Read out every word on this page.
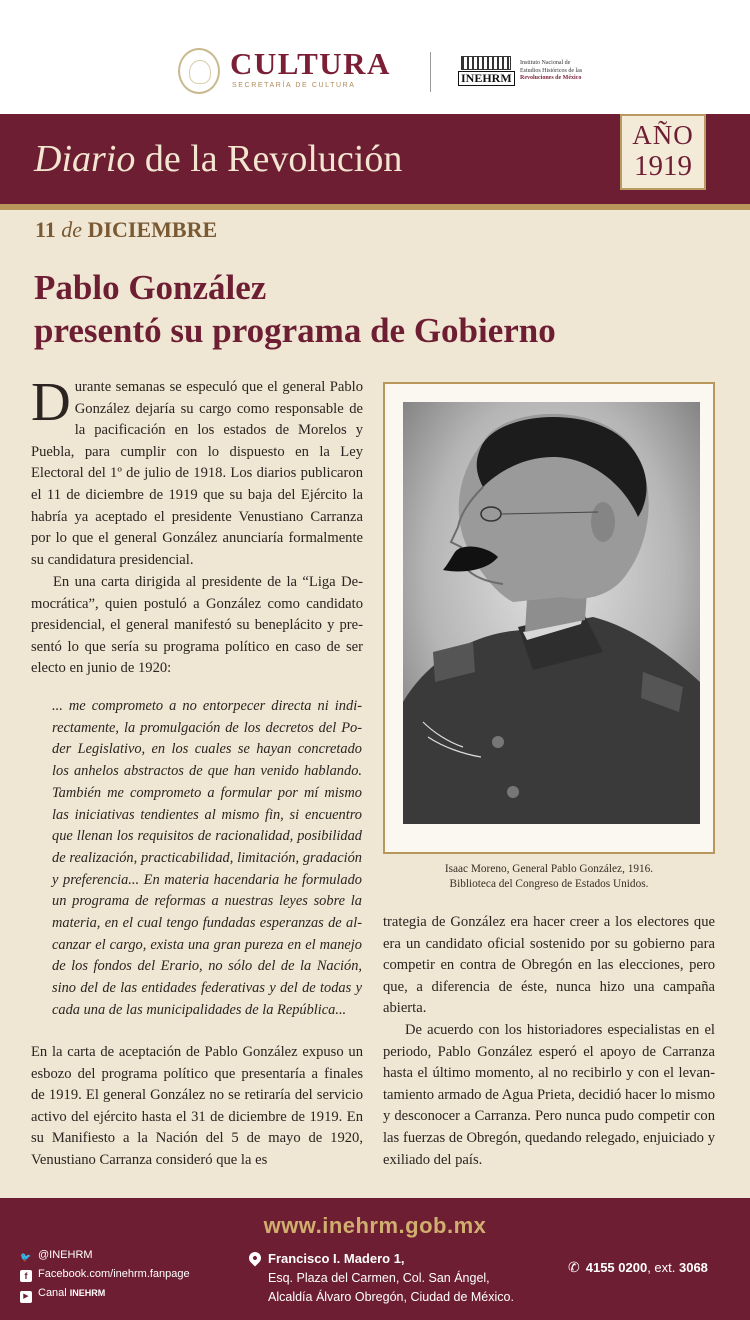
CULTURA
SECRETARÍA DE CULTURA
INEHRM
Instituto Nacional de
Estudios Históricos de las
Revoluciones de México
Diario de la Revolución
AÑO
1919
11 de DICIEMBRE
Pablo González
presentó su programa de Gobierno
Durante semanas se especuló que el general Pablo González dejaría su cargo como responsable de la pacificación en los estados de Morelos y Puebla, para cumplir con lo dispuesto en la Ley Electoral del 1º de julio de 1918. Los diarios publicaron el 11 de diciembre de 1919 que su baja del Ejército la habría ya aceptado el presidente Venustiano Carranza por lo que el general González anunciaría formalmente su candidatura presidencial.
En una carta dirigida al presidente de la “Liga Democrática”, quien postuló a González como candidato presidencial, el general manifestó su beneplácito y presentó lo que sería su programa político en caso de ser electo en junio de 1920:
... me comprometo a no entorpecer directa ni indirectamente, la promulgación de los decretos del Poder Legislativo, en los cuales se hayan concretado los anhelos abstractos de que han venido hablando. También me comprometo a formular por mí mismo las iniciativas tendientes al mismo fin, si encuentro que llenan los requisitos de racionalidad, posibilidad de realización, practicabilidad, limitación, gradación y preferencia... En materia hacendaria he formulado un programa de reformas a nuestras leyes sobre la materia, en el cual tengo fundadas esperanzas de alcanzar el cargo, exista una gran pureza en el manejo de los fondos del Erario, no sólo del de la Nación, sino del de las entidades federativas y del de todas y cada una de las municipalidades de la República...
En la carta de aceptación de Pablo González expuso un esbozo del programa político que presentaría a finales de 1919. El general González no se retiraría del servicio activo del ejército hasta el 31 de diciembre de 1919. En su Manifiesto a la Nación del 5 de mayo de 1920, Venustiano Carranza consideró que la es
Isaac Moreno, General Pablo González, 1916.
Biblioteca del Congreso de Estados Unidos.
trategia de González era hacer creer a los electores que era un candidato oficial sostenido por su gobierno para competir en contra de Obregón en las elecciones, pero que, a diferencia de éste, nunca hizo una campaña abierta.
De acuerdo con los historiadores especialistas en el periodo, Pablo González esperó el apoyo de Carranza hasta el último momento, al no recibirlo y con el levantamiento armado de Agua Prieta, decidió hacer lo mismo y desconocer a Carranza. Pero nunca pudo competir con las fuerzas de Obregón, quedando relegado, enjuiciado y exiliado del país.
www.inehrm.gob.mx
🐦 @INEHRM
f Facebook.com/inehrm.fanpage
▶ Canal INEHRM
Francisco I. Madero 1,
Esq. Plaza del Carmen, Col. San Ángel,
Alcaldía Álvaro Obregón, Ciudad de México.
✆ 4155 0200, ext. 3068
